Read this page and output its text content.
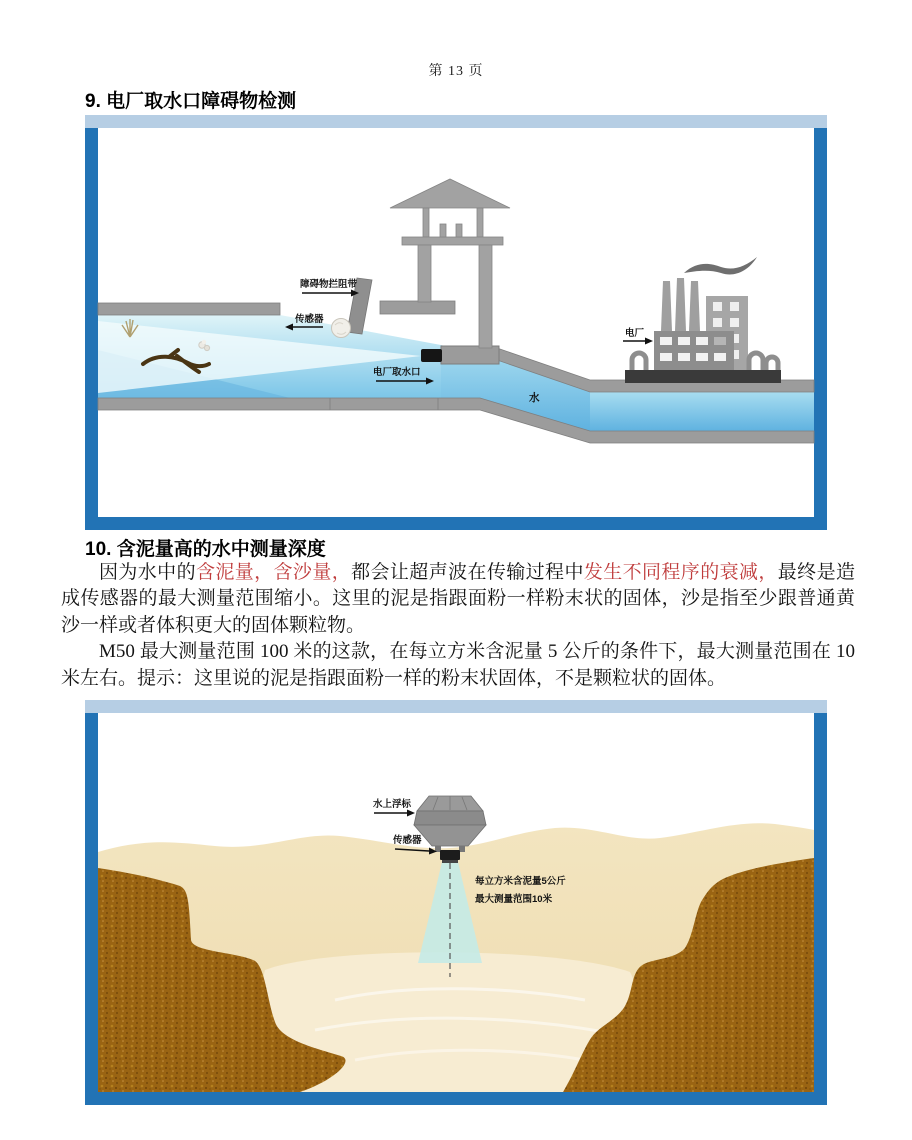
第 13 页
9. 电厂取水口障碍物检测
障碍物拦阻带
传感器
电厂取水口
电厂
水
10. 含泥量高的水中测量深度

因为水中的含泥量，含沙量，都会让超声波在传输过程中发生不同程序的衰减，最终是造成传感器的最大测量范围缩小。这里的泥是指跟面粉一样粉末状的固体，沙是指至少跟普通黄沙一样或者体积更大的固体颗粒物。

M50 最大测量范围 100 米的这款，在每立方米含泥量 5 公斤的条件下，最大测量范围在 10 米左右。提示：这里说的泥是指跟面粉一样的粉末状固体，不是颗粒状的固体。

水上浮标
传感器
每立方米含泥量5公斤
最大测量范围10米
